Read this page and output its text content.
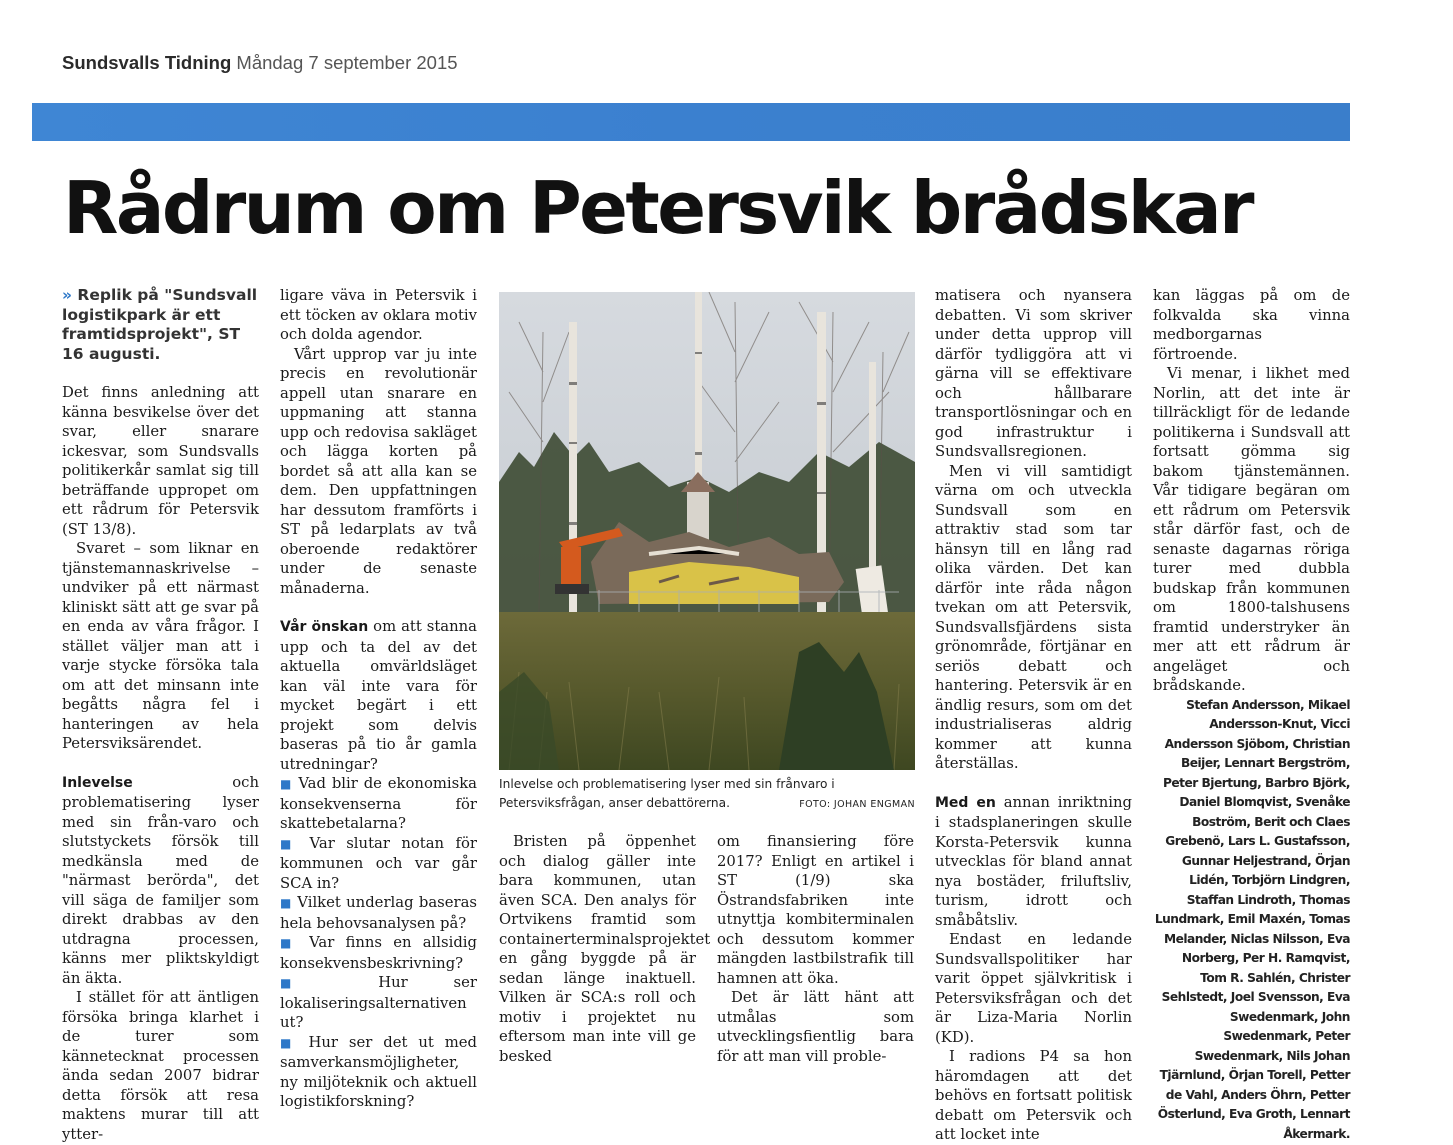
Sundsvalls Tidning Måndag 7 september 2015
Rådrum om Petersvik brådskar

» Replik på "Sundsvall logistikpark är ett framtidsprojekt", ST 16 augusti.

Det finns anledning att känna besvikelse över det svar, eller snarare ickesvar, som Sundsvalls politikerkår samlat sig till beträffande uppropet om ett rådrum för Petersvik (ST 13/8).

Svaret – som liknar en tjänstemannaskrivelse – undviker på ett närmast kliniskt sätt att ge svar på en enda av våra frågor. I stället väljer man att i varje stycke försöka tala om att det minsann inte begåtts några fel i hanteringen av hela Petersviksärendet.

Inlevelse	och problematisering lyser med sin från-varo och slutstyckets försök till medkänsla med de "närmast berörda", det vill säga de familjer som direkt drabbas av den utdragna processen, känns mer pliktskyldigt än äkta.

I stället för att äntligen försöka bringa klarhet i de turer som kännetecknat processen ända sedan 2007 bidrar detta försök att resa maktens murar till att ytter-

ligare väva in Petersvik i ett töcken av oklara motiv och dolda agendor.

Vårt upprop var ju inte precis en revolutionär appell utan snarare en uppmaning att stanna upp och redovisa sakläget och lägga korten på bordet så att alla kan se dem. Den uppfattningen har dessutom framförts i ST på ledarplats av två oberoende redaktörer under de senaste månaderna.

Vår önskan om att stanna upp och ta del av det aktuella omvärldsläget kan väl inte vara för mycket begärt i ett projekt som delvis baseras på tio år gamla utredningar?

■ Vad blir de ekonomiska konsekvenserna för skattebetalarna?

■ Var slutar notan för kommunen och var går SCA in?

■ Vilket underlag baseras hela behovsanalysen på?

■ Var finns en allsidig konsekvensbeskrivning?

■	Hur ser lokaliseringsalternativen ut?

■ Hur ser det ut med samverkansmöjligheter, ny miljöteknik och aktuell logistikforskning?

Inlevelse och problematisering lyser med sin frånvaro i Petersviksfrågan, anser debattörerna.	FOTO: JOHAN ENGMAN

Bristen på öppenhet och dialog gäller inte bara kommunen, utan även SCA. Den analys för Ortvikens framtid som containerterminalsprojektet en gång byggde på är sedan länge inaktuell. Vilken är SCA:s roll och motiv i projektet nu eftersom man inte vill ge besked

om finansiering före 2017? Enligt en artikel i ST (1/9) ska Östrandsfabriken inte utnyttja kombiterminalen och dessutom kommer mängden lastbilstrafik till hamnen att öka.

Det är lätt hänt att utmålas som utvecklingsfientlig bara för att man vill proble-

matisera och nyansera debatten. Vi som skriver under detta upprop vill därför tydliggöra att vi gärna vill se effektivare och hållbarare transportlösningar och en god infrastruktur i Sundsvallsregionen.

Men vi vill samtidigt värna om och utveckla Sundsvall som en attraktiv stad som tar hänsyn till en lång rad olika värden. Det kan därför inte råda någon tvekan om att Petersvik, Sundsvallsfjärdens sista grönområde, förtjänar en seriös debatt och hantering. Petersvik är en ändlig resurs, som om det industrialiseras aldrig kommer att kunna återställas.

Med en annan inriktning i stadsplaneringen skulle Korsta-Petersvik kunna utvecklas för bland annat nya bostäder, friluftsliv, turism, idrott och småbåtsliv.

Endast en ledande Sundsvallspolitiker har varit öppet självkritisk i Petersviksfrågan och det är Liza-Maria Norlin (KD).

I radions P4 sa hon häromdagen att det behövs en fortsatt politisk debatt om Petersvik och att locket inte

kan läggas på om de folkvalda ska vinna medborgarnas förtroende.

Vi menar, i likhet med Norlin, att det inte är tillräckligt för de ledande politikerna i Sundsvall att fortsatt gömma sig bakom tjänstemännen. Vår tidigare begäran om ett rådrum om Petersvik står därför fast, och de senaste dagarnas röriga turer med dubbla budskap från kommunen om 1800-talshusens framtid understryker än mer att ett rådrum är angeläget och brådskande.

Stefan Andersson, Mikael Andersson-Knut, Vicci Andersson Sjöbom, Christian Beijer, Lennart Bergström, Peter Bjertung, Barbro Björk, Daniel Blomqvist, Svenåke Boström, Berit och Claes Grebenö, Lars L. Gustafsson, Gunnar Heljestrand, Örjan Lidén, Torbjörn Lindgren, Staffan Lindroth, Thomas Lundmark, Emil Maxén, Tomas Melander, Niclas Nilsson, Eva Norberg, Per H. Ramqvist, Tom R. Sahlén, Christer Sehlstedt, Joel Svensson, Eva Swedenmark, John Swedenmark, Peter Swedenmark, Nils Johan Tjärnlund, Örjan Torell, Petter de Vahl, Anders Öhrn, Petter Österlund, Eva Groth, Lennart Åkermark.
